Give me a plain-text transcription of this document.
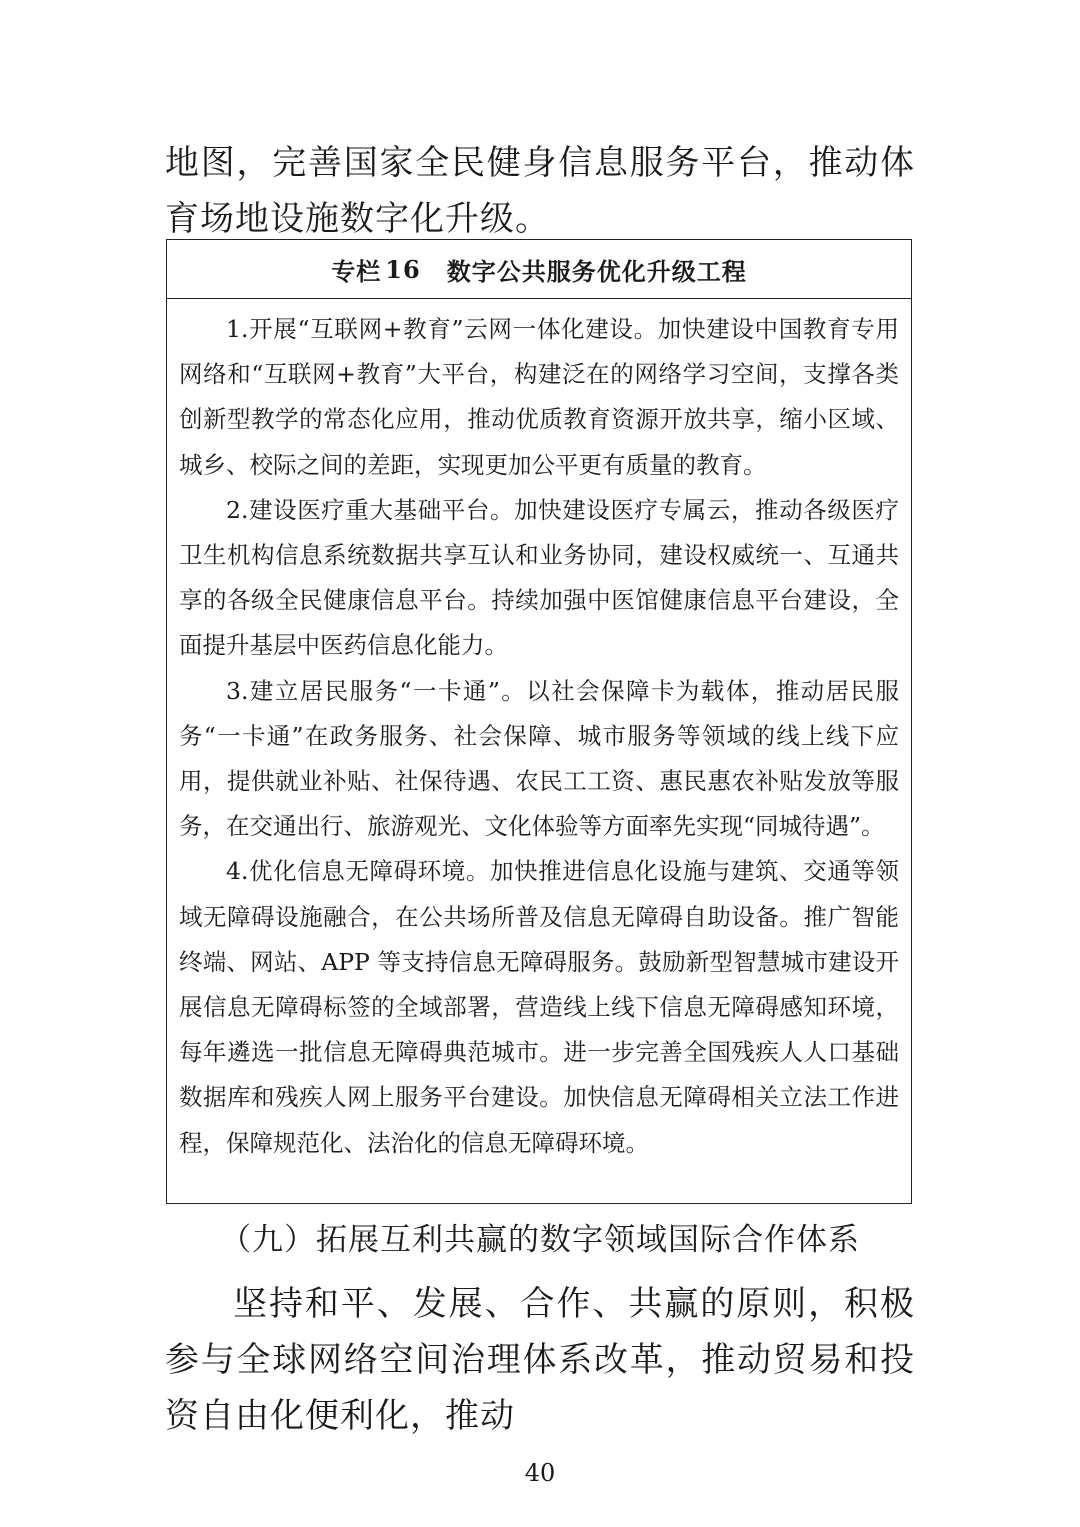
地图，完善国家全民健身信息服务平台，推动体育场地设施数字化升级。

专栏 16 数字公共服务优化升级工程

1.开展“互联网+教育”云网一体化建设。加快建设中国教育专用网络和“互联网+教育”大平台，构建泛在的网络学习空间，支撑各类创新型教学的常态化应用，推动优质教育资源开放共享，缩小区域、城乡、校际之间的差距，实现更加公平更有质量的教育。

2.建设医疗重大基础平台。加快建设医疗专属云，推动各级医疗卫生机构信息系统数据共享互认和业务协同，建设权威统一、互通共享的各级全民健康信息平台。持续加强中医馆健康信息平台建设，全面提升基层中医药信息化能力。

3.建立居民服务“一卡通”。以社会保障卡为载体，推动居民服务“一卡通”在政务服务、社会保障、城市服务等领域的线上线下应用，提供就业补贴、社保待遇、农民工工资、惠民惠农补贴发放等服务，在交通出行、旅游观光、文化体验等方面率先实现“同城待遇”。

4.优化信息无障碍环境。加快推进信息化设施与建筑、交通等领域无障碍设施融合，在公共场所普及信息无障碍自助设备。推广智能终端、网站、APP 等支持信息无障碍服务。鼓励新型智慧城市建设开展信息无障碍标签的全域部署，营造线上线下信息无障碍感知环境，每年遴选一批信息无障碍典范城市。进一步完善全国残疾人人口基础数据库和残疾人网上服务平台建设。加快信息无障碍相关立法工作进程，保障规范化、法治化的信息无障碍环境。

（九）拓展互利共赢的数字领域国际合作体系

坚持和平、发展、合作、共赢的原则，积极参与全球网络空间治理体系改革，推动贸易和投资自由化便利化，推动

40
